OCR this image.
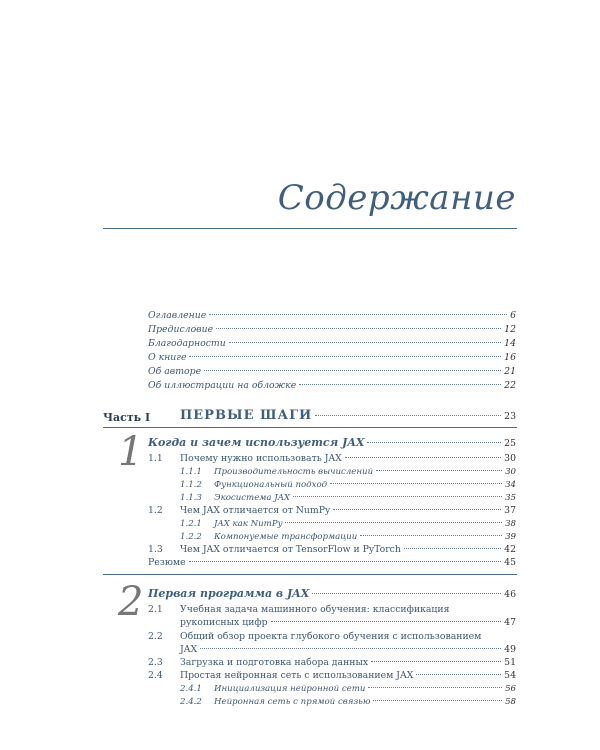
Содержание
Оглавление	6
Предисловие	12
Благодарности	14
О книге	16
Об авторе	21
Об иллюстрации на обложке	22
Часть I ПЕРВЫЕ ШАГИ	23
1 Когда и зачем используется JAX	25
1.1	Почему нужно использовать JAX	30
1.1.1	Производительность вычислений	30
1.1.2	Функциональный подход	34
1.1.3	Экосистема JAX	35
1.2	Чем JAX отличается от NumPy	37
1.2.1	JAX как NumPy	38
1.2.2	Компонуемые трансформации	39
1.3	Чем JAX отличается от TensorFlow и PyTorch	42
Резюме	45
2 Первая программа в JAX	46
2.1	Учебная задача машинного обучения: классификация
рукописных цифр	47
2.2	Общий обзор проекта глубокого обучения с использованием
JAX	49
2.3	Загрузка и подготовка набора данных	51
2.4	Простая нейронная сеть с использованием JAX	54
2.4.1	Инициализация нейронной сети	56
2.4.2	Нейронная сеть с прямой связью	58
